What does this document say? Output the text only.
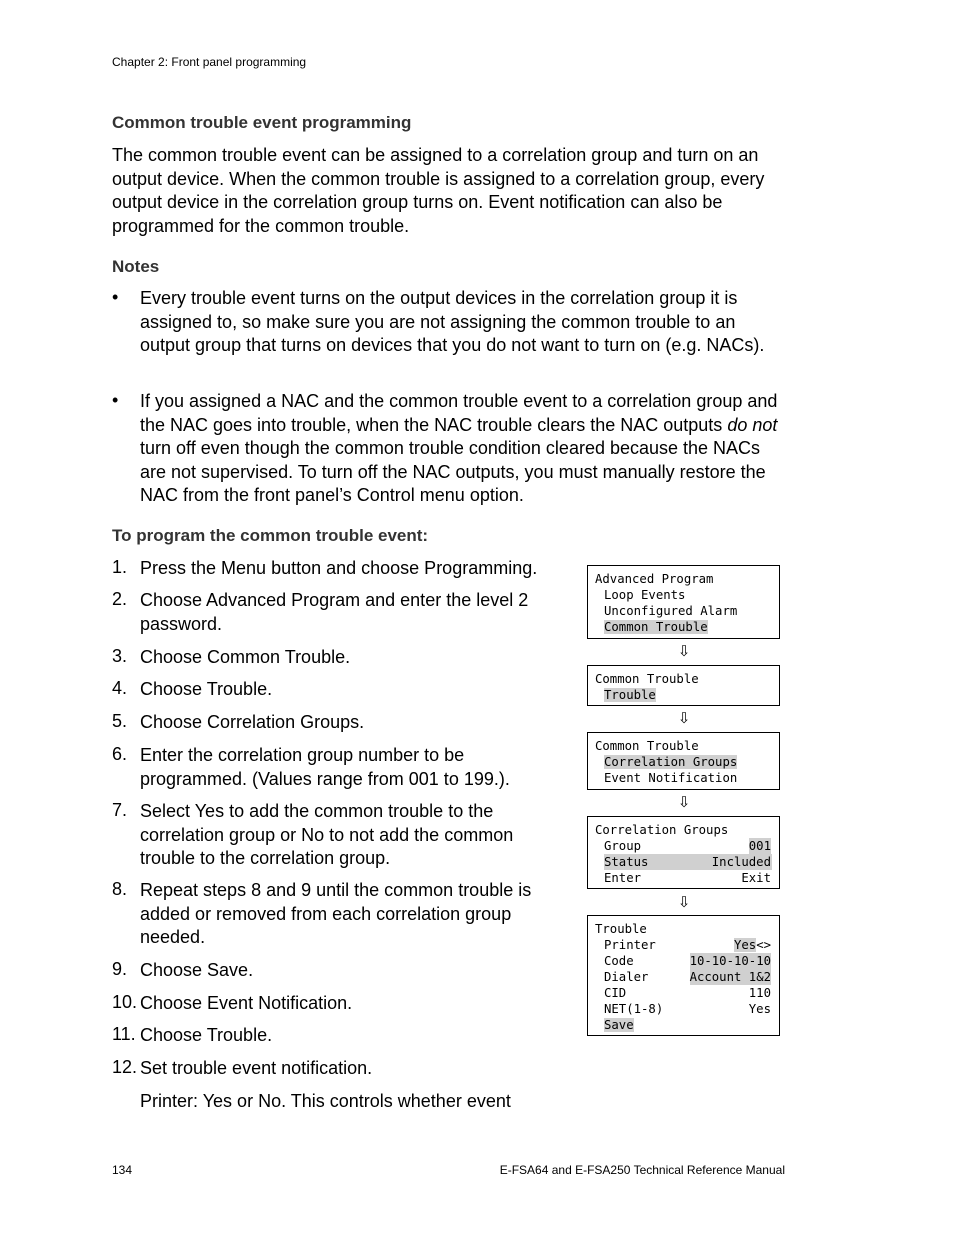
Chapter 2: Front panel programming
Common trouble event programming
The common trouble event can be assigned to a correlation group and turn on an output device. When the common trouble is assigned to a correlation group, every output device in the correlation group turns on. Event notification can also be programmed for the common trouble.
Notes
• Every trouble event turns on the output devices in the correlation group it is assigned to, so make sure you are not assigning the common trouble to an output group that turns on devices that you do not want to turn on (e.g. NACs).
• If you assigned a NAC and the common trouble event to a correlation group and the NAC goes into trouble, when the NAC trouble clears the NAC outputs do not turn off even though the common trouble condition cleared because the NACs are not supervised. To turn off the NAC outputs, you must manually restore the NAC from the front panel’s Control menu option.
To program the common trouble event:
1. Press the Menu button and choose Programming.
2. Choose Advanced Program and enter the level 2 password.
3. Choose Common Trouble.
4. Choose Trouble.
5. Choose Correlation Groups.
6. Enter the correlation group number to be programmed. (Values range from 001 to 199.).
7. Select Yes to add the common trouble to the correlation group or No to not add the common trouble to the correlation group.
8. Repeat steps 8 and 9 until the common trouble is added or removed from each correlation group needed.
9. Choose Save.
10. Choose Event Notification.
11. Choose Trouble.
12. Set trouble event notification.
Printer: Yes or No. This controls whether event
Advanced Program
Loop Events
Unconfigured Alarm
Common Trouble
⇩
Common Trouble
Trouble
⇩
Common Trouble
Correlation Groups
Event Notification
⇩
Correlation Groups
Group	001
Status	Included
Enter	Exit
⇩
Trouble
Printer	Yes<>
Code	10-10-10-10
Dialer	Account 1&2
CID	110
NET(1-8)	Yes
Save
134	E-FSA64 and E-FSA250 Technical Reference Manual
